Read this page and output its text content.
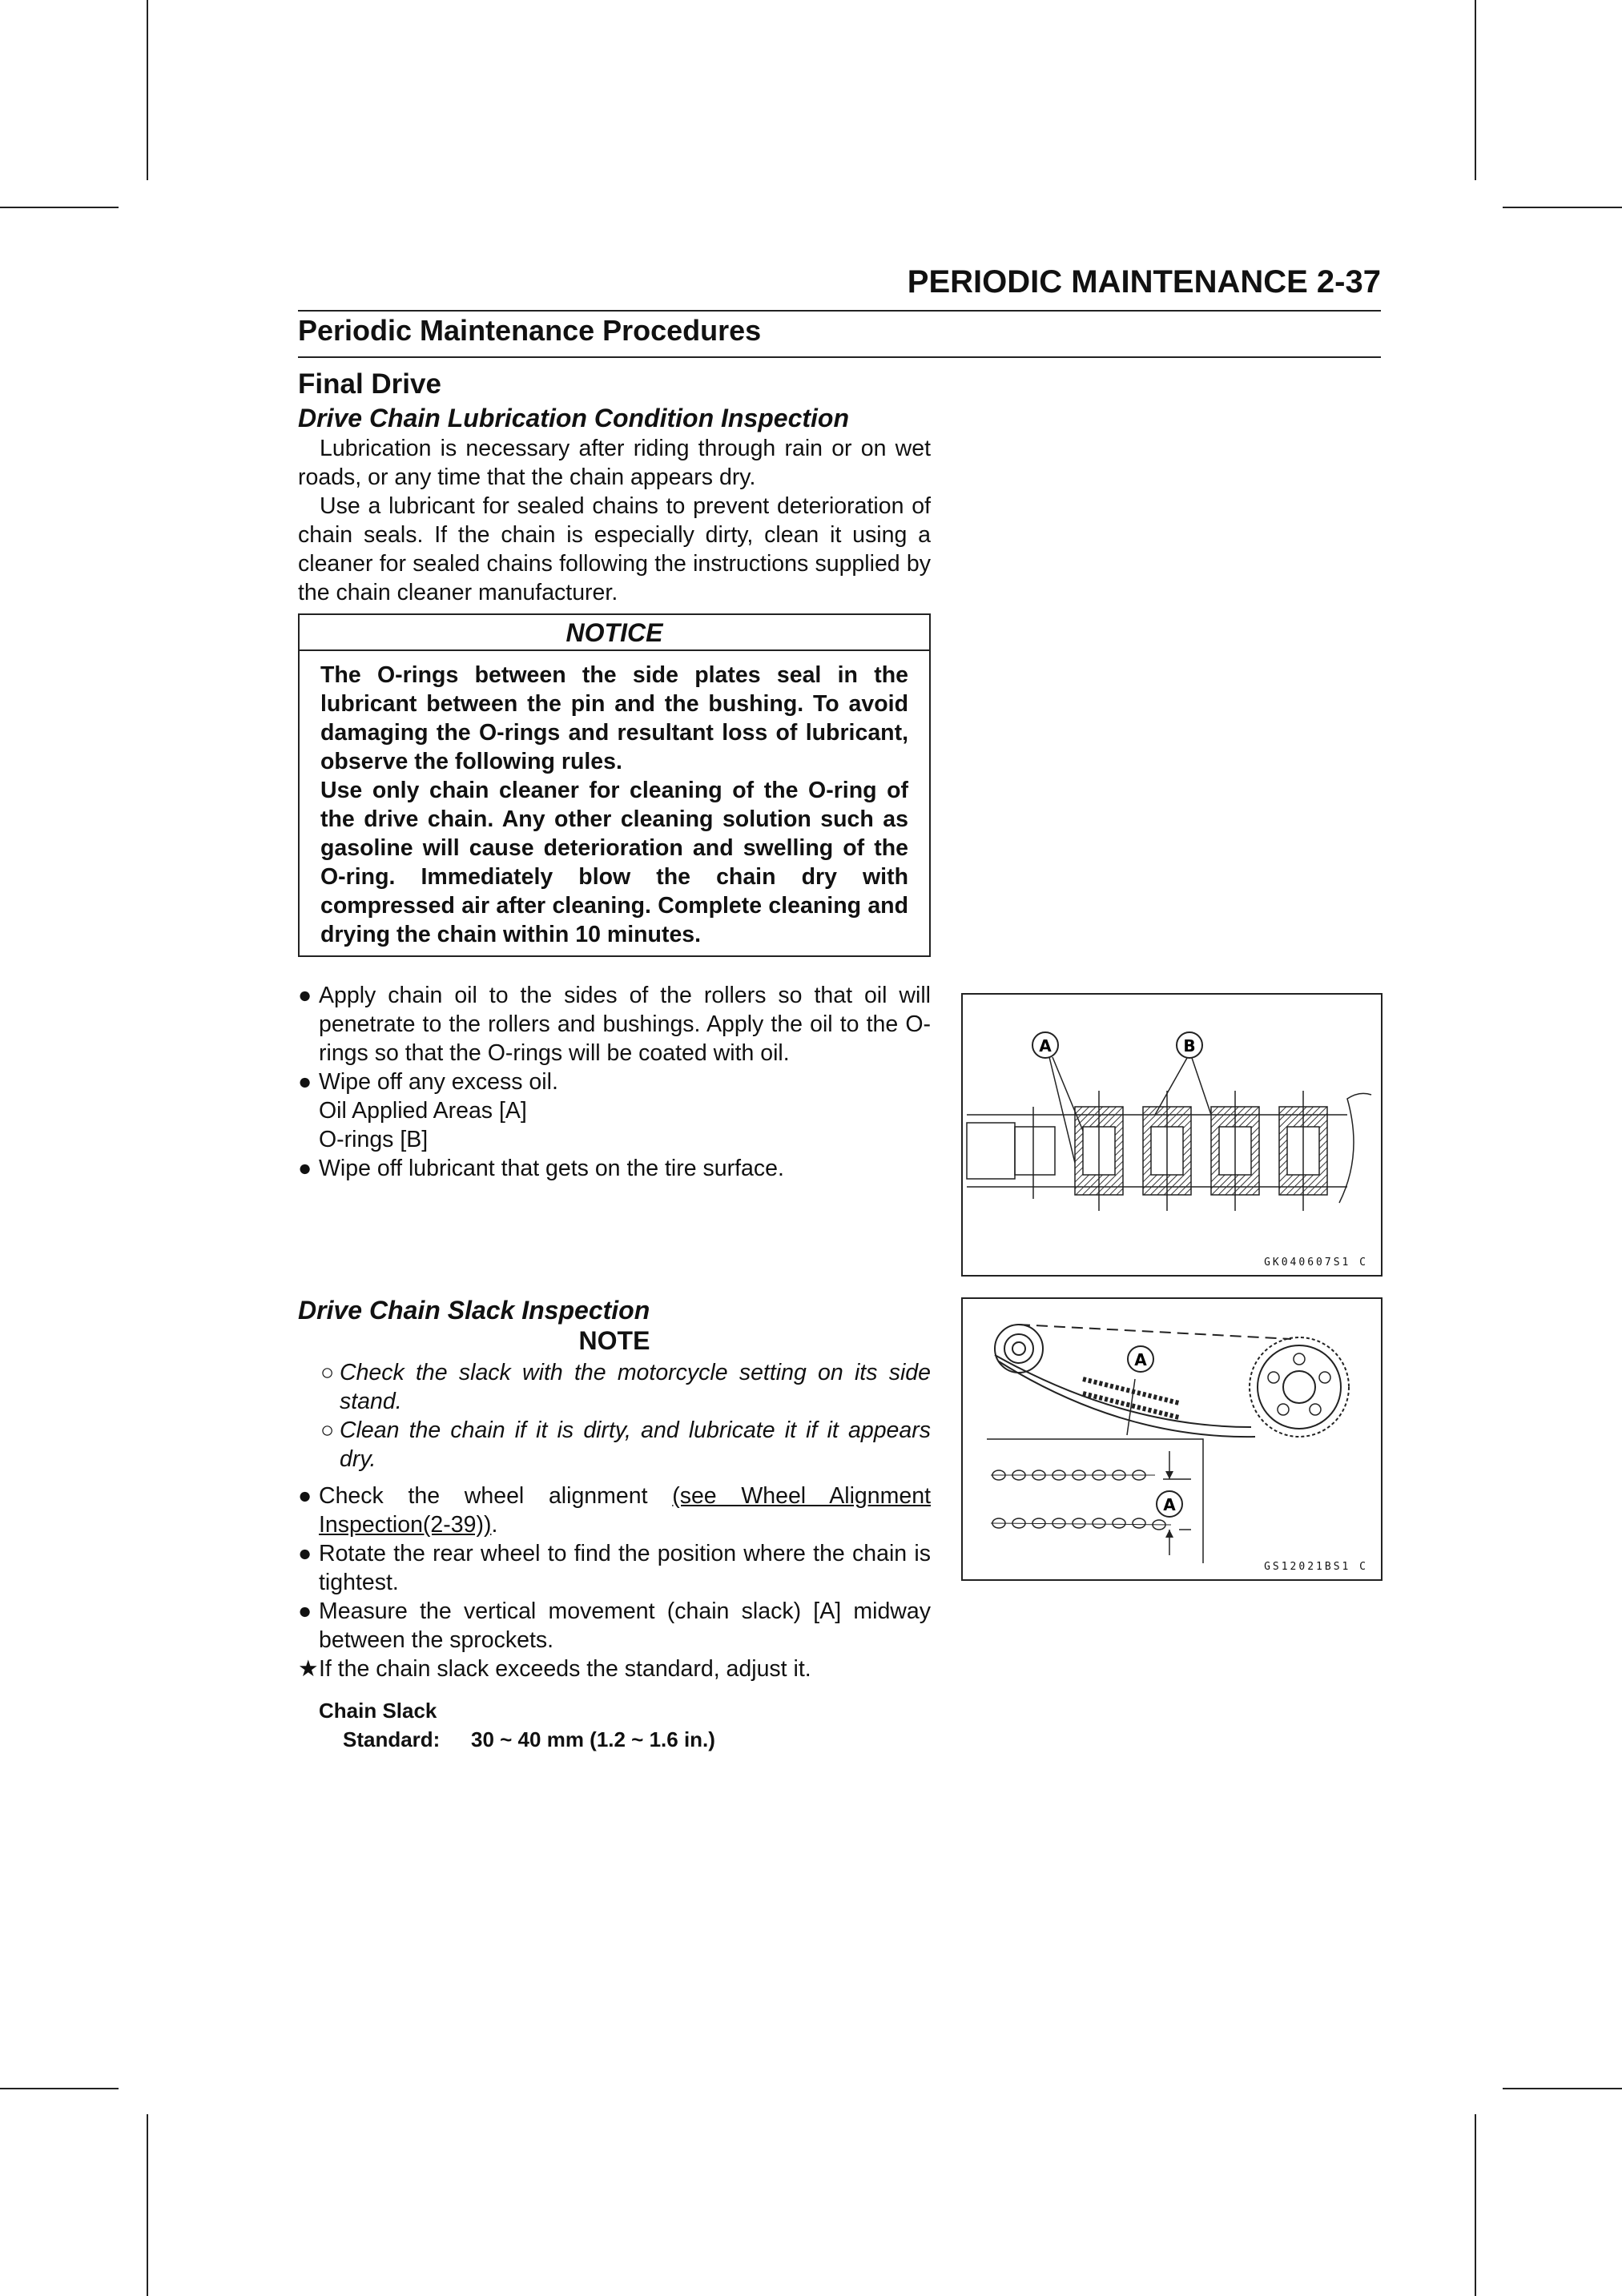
PERIODIC MAINTENANCE 2-37
Periodic Maintenance Procedures
Final Drive
Drive Chain Lubrication Condition Inspection

Lubrication is necessary after riding through rain or on wet roads, or any time that the chain appears dry.

Use a lubricant for sealed chains to prevent deterioration of chain seals. If the chain is especially dirty, clean it using a cleaner for sealed chains following the instructions supplied by the chain cleaner manufacturer.

NOTICE

The O-rings between the side plates seal in the lubricant between the pin and the bushing. To avoid damaging the O-rings and resultant loss of lubricant, observe the following rules.

Use only chain cleaner for cleaning of the O-ring of the drive chain. Any other cleaning solution such as gasoline will cause deterioration and swelling of the O-ring. Immediately blow the chain dry with compressed air after cleaning. Complete cleaning and drying the chain within 10 minutes.

● Apply chain oil to the sides of the rollers so that oil will penetrate to the rollers and bushings. Apply the oil to the O-rings so that the O-rings will be coated with oil.
● Wipe off any excess oil.
Oil Applied Areas [A]
O-rings [B]
● Wipe off lubricant that gets on the tire surface.
Drive Chain Slack Inspection
NOTE
○ Check the slack with the motorcycle setting on its side stand.
○ Clean the chain if it is dirty, and lubricate it if it appears dry.
● Check the wheel alignment (see Wheel Alignment Inspection(2-39)).
● Rotate the rear wheel to find the position where the chain is tightest.
● Measure the vertical movement (chain slack) [A] midway between the sprockets.
★ If the chain slack exceeds the standard, adjust it.
Chain Slack
Standard: 30 ~ 40 mm (1.2 ~ 1.6 in.)
A	B
GK040607S1 C
A
A
GS12021BS1 C
